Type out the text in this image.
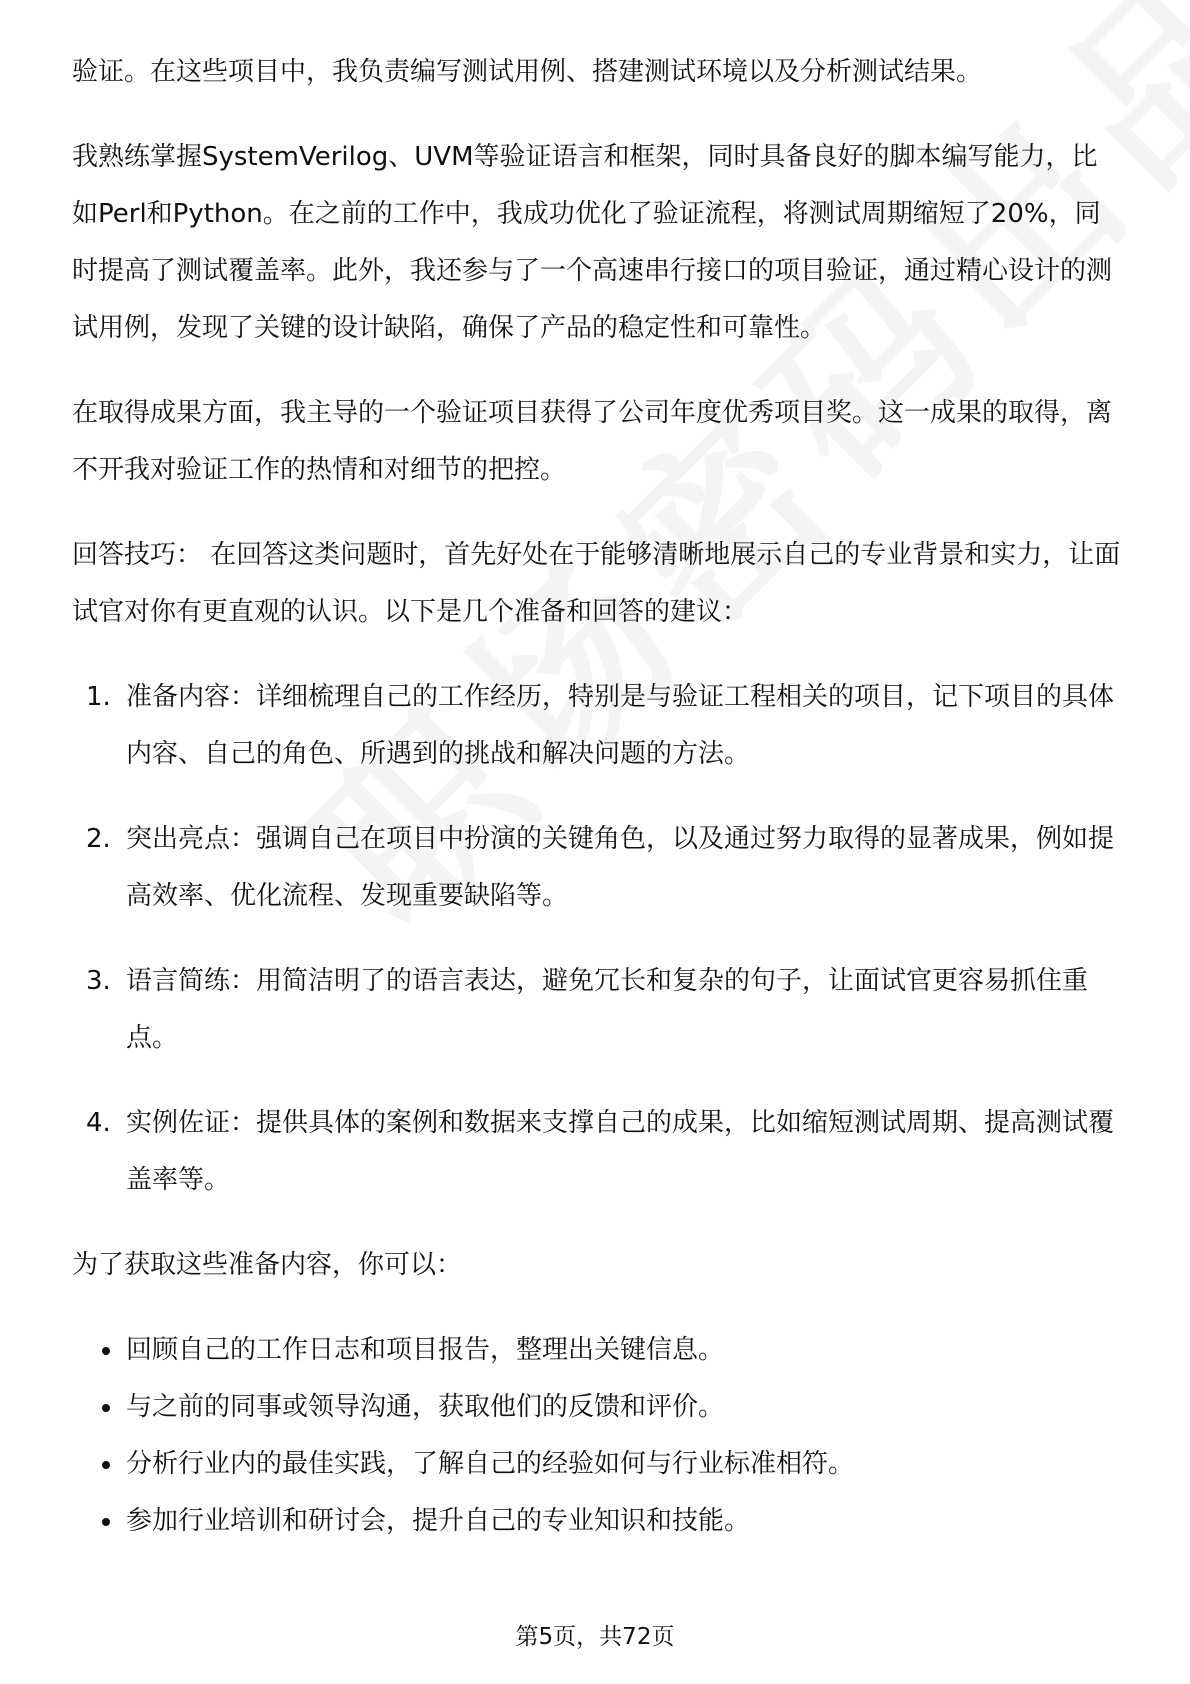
验证。在这些项目中，我负责编写测试用例、搭建测试环境以及分析测试结果。

我熟练掌握SystemVerilog、UVM等验证语言和框架，同时具备良好的脚本编写能力，比如Perl和Python。在之前的工作中，我成功优化了验证流程，将测试周期缩短了20%，同时提高了测试覆盖率。此外，我还参与了一个高速串行接口的项目验证，通过精心设计的测试用例，发现了关键的设计缺陷，确保了产品的稳定性和可靠性。

在取得成果方面，我主导的一个验证项目获得了公司年度优秀项目奖。这一成果的取得，离不开我对验证工作的热情和对细节的把控。

回答技巧： 在回答这类问题时，首先好处在于能够清晰地展示自己的专业背景和实力，让面试官对你有更直观的认识。以下是几个准备和回答的建议：

1. 准备内容：详细梳理自己的工作经历，特别是与验证工程相关的项目，记下项目的具体内容、自己的角色、所遇到的挑战和解决问题的方法。
2. 突出亮点：强调自己在项目中扮演的关键角色，以及通过努力取得的显著成果，例如提高效率、优化流程、发现重要缺陷等。
3. 语言简练：用简洁明了的语言表达，避免冗长和复杂的句子，让面试官更容易抓住重点。
4. 实例佐证：提供具体的案例和数据来支撑自己的成果，比如缩短测试周期、提高测试覆盖率等。

为了获取这些准备内容，你可以：

回顾自己的工作日志和项目报告，整理出关键信息。
与之前的同事或领导沟通，获取他们的反馈和评价。
分析行业内的最佳实践，了解自己的经验如何与行业标准相符。
参加行业培训和研讨会，提升自己的专业知识和技能。
第5页，共72页
